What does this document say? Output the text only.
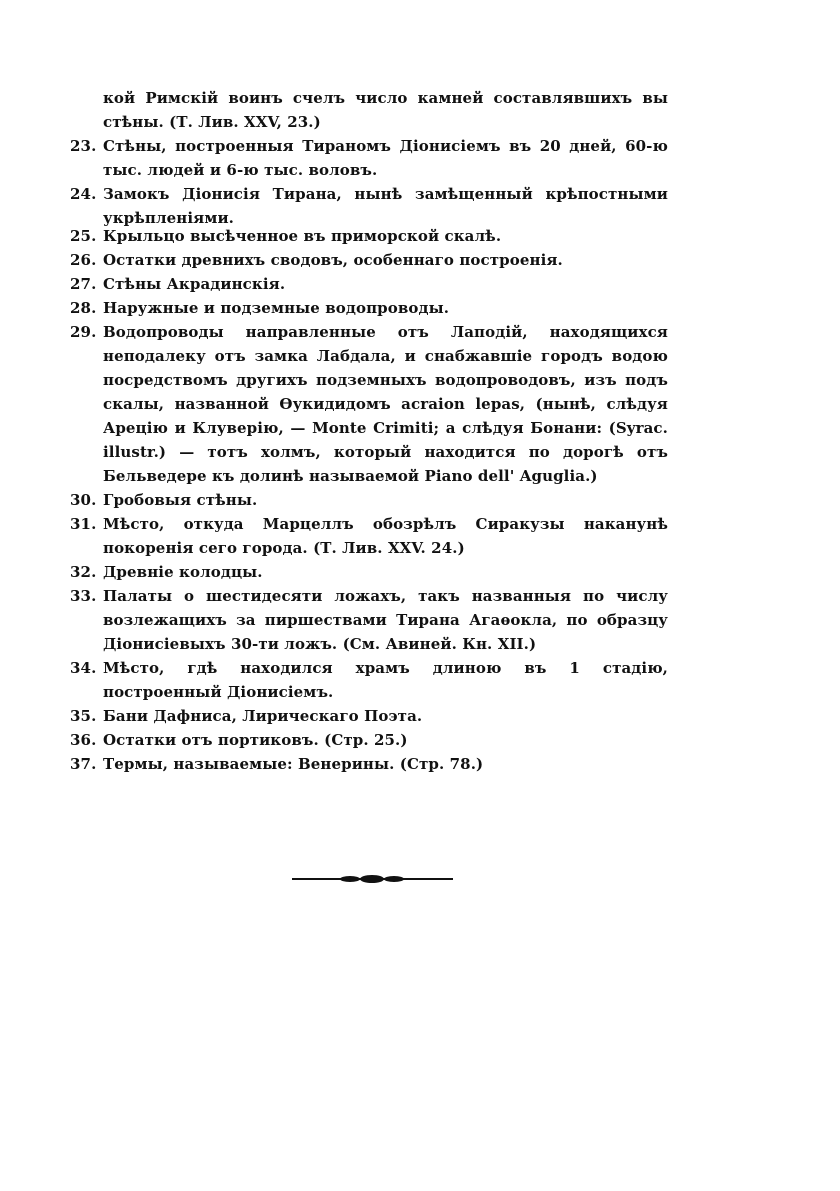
кой Римскій воинъ счелъ число камней составлявшихъ вы стѣны. (Т. Лив. XXV, 23.)
23. Стѣны, построенныя Тираномъ Діонисіемъ въ 20 дней, 60-ю тыс. людей и 6-ю тыс. воловъ.
24. Замокъ Діонисія Тирана, нынѣ замѣщенный крѣпостными укрѣпленіями.
25. Крыльцо высѣченное въ приморской скалѣ.
26. Остатки древнихъ сводовъ, особеннаго построенія.
27. Стѣны Акрадинскія.
28. Наружные и подземные водопроводы.
29. Водопроводы направленные отъ Лаподій, находящихся неподалеку отъ замка Лабдала, и снабжавшіе городъ водою посредствомъ другихъ подземныхъ водопроводовъ, изъ подъ скалы, названной Өукидидомъ acraion lepas, (нынѣ, слѣдуя Арецію и Клуверію, — Monte Crimiti; а слѣдуя Бонани: (Syrac. illustr.) — тотъ холмъ, который находится по дорогѣ отъ Бельведере къ долинѣ называемой Piano dell' Aguglia.)
30. Гробовыя стѣны.
31. Мѣсто, откуда Марцеллъ обозрѣлъ Сиракузы наканунѣ покоренія сего города. (Т. Лив. XXV. 24.)
32. Древніе колодцы.
33. Палаты о шестидесяти ложахъ, такъ названныя по числу возлежащихъ за пиршествами Тирана Агаѳокла, по образцу Діонисіевыхъ 30-ти ложъ. (См. Авиней. Кн. XII.)
34. Мѣсто, гдѣ находился храмъ длиною въ 1 стадію, построенный Діонисіемъ.
35. Бани Дафниса, Лирическаго Поэта.
36. Остатки отъ портиковъ. (Стр. 25.)
37. Термы, называемые: Венерины. (Стр. 78.)
